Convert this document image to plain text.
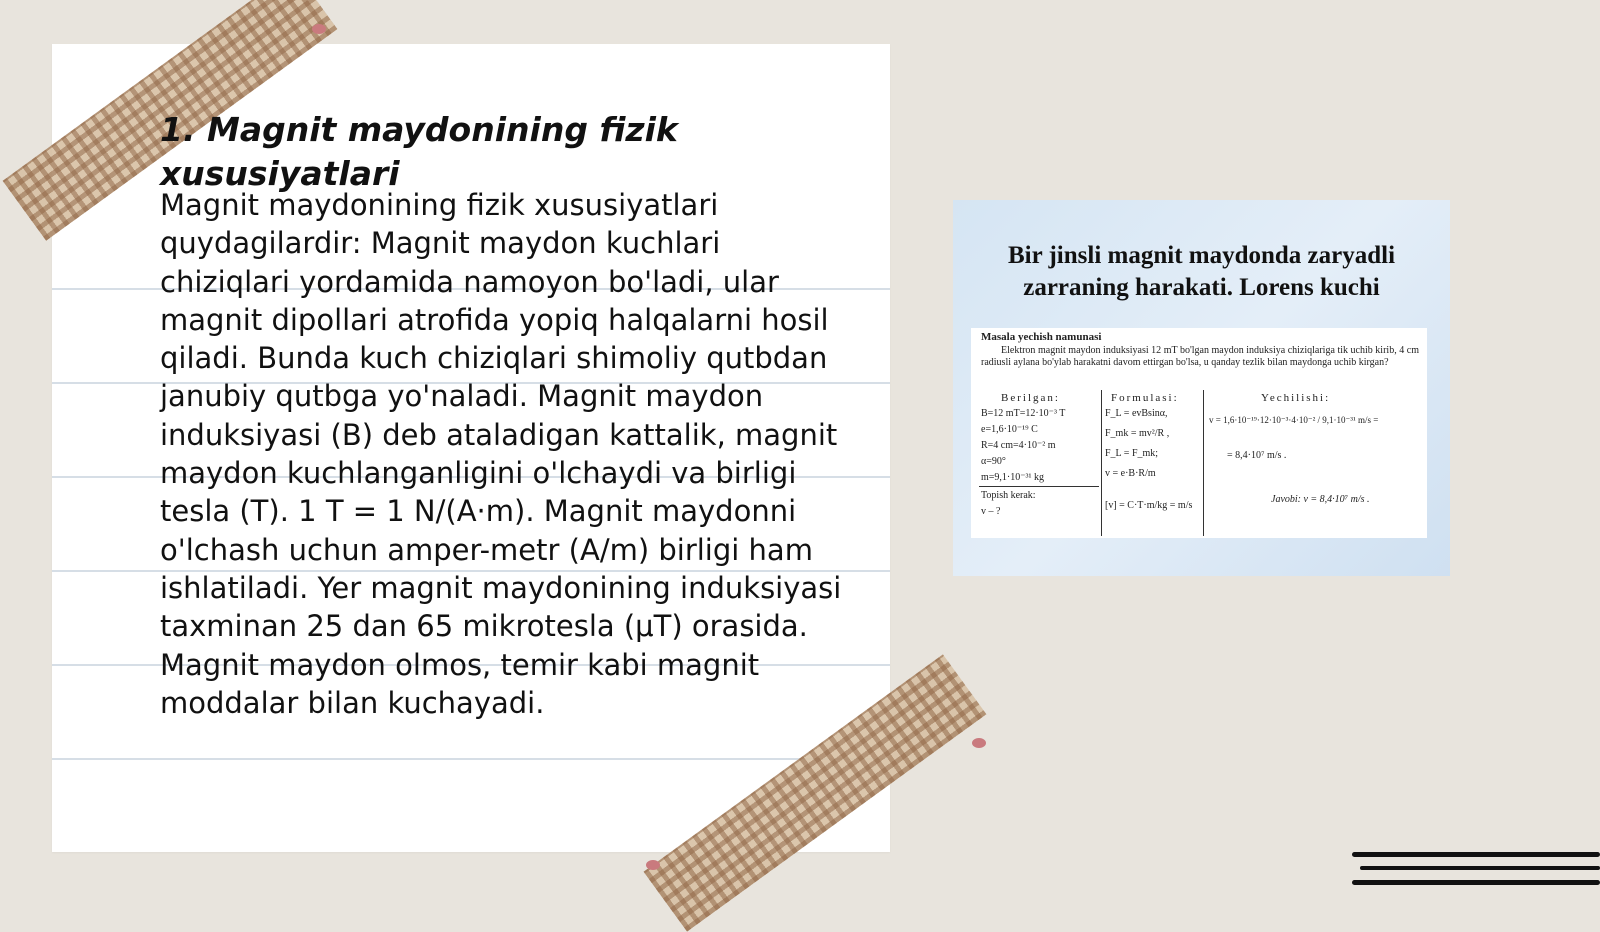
1. Magnit maydonining fizik xususiyatlari

Magnit maydonining fizik xususiyatlari quydagilardir: Magnit maydon kuchlari chiziqlari yordamida namoyon bo'ladi, ular magnit dipollari atrofida yopiq halqalarni hosil qiladi. Bunda kuch chiziqlari shimoliy qutbdan janubiy qutbga yo'naladi. Magnit maydon induksiyasi (B) deb ataladigan kattalik, magnit maydon kuchlanganligini o'lchaydi va birligi tesla (T). 1 T = 1 N/(A·m). Magnit maydonni o'lchash uchun amper-metr (A/m) birligi ham ishlatiladi. Yer magnit maydonining induksiyasi taxminan 25 dan 65 mikrotesla (μT) orasida. Magnit maydon olmos, temir kabi magnit moddalar bilan kuchayadi.

Bir jinsli magnit maydonda zaryadli zarraning harakati. Lorens kuchi
Masala yechish namunasi
Elektron magnit maydon induksiyasi 12 mT bo'lgan maydon induksiya chiziqlariga tik uchib kirib, 4 cm radiusli aylana bo'ylab harakatni davom ettirgan bo'lsa, u qanday tezlik bilan maydonga uchib kirgan?
Berilgan:
B=12 mT=12·10⁻³ T
e=1,6·10⁻¹⁹ C
R=4 cm=4·10⁻² m
α=90°
m=9,1·10⁻³¹ kg
Topish kerak:
v – ?
Formulasi:
F_L = evBsinα,
F_mk = mv²/R ,
F_L = F_mk;
v = e·B·R/m
[v] = C·T·m/kg = m/s
Yechilishi:
v = 1,6·10⁻¹⁹·12·10⁻³·4·10⁻² / 9,1·10⁻³¹ m/s =
= 8,4·10⁷ m/s .
Javobi: v = 8,4·10⁷ m/s .
